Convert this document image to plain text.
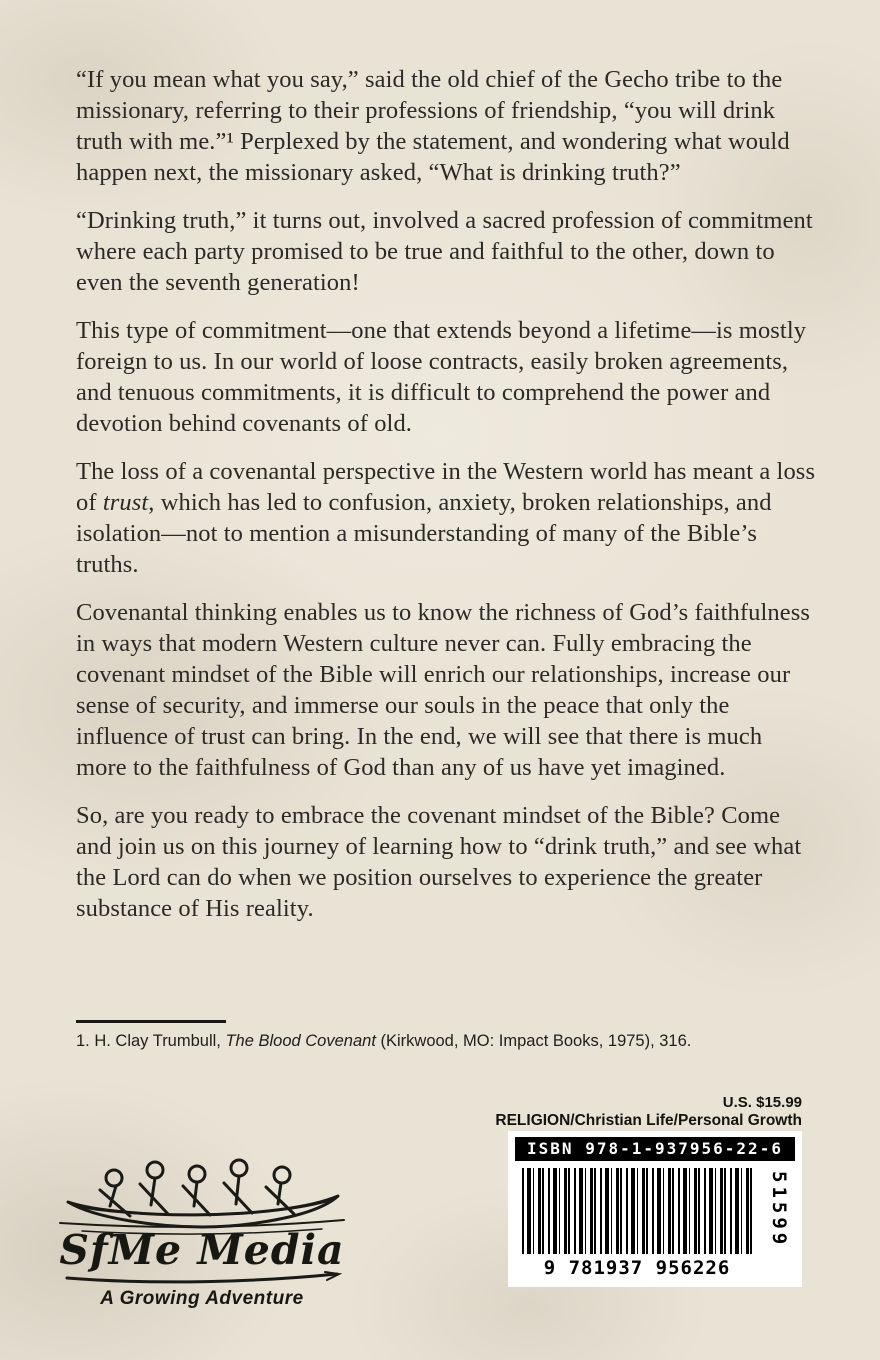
“If you mean what you say,” said the old chief of the Gecho tribe to the missionary, referring to their professions of friendship, “you will drink truth with me.”¹ Perplexed by the statement, and wondering what would happen next, the missionary asked, “What is drinking truth?”

“Drinking truth,” it turns out, involved a sacred profession of commitment where each party promised to be true and faithful to the other, down to even the seventh generation!

This type of commitment—one that extends beyond a lifetime—is mostly foreign to us. In our world of loose contracts, easily broken agreements, and tenuous commitments, it is difficult to comprehend the power and devotion behind covenants of old.

The loss of a covenantal perspective in the Western world has meant a loss of trust, which has led to confusion, anxiety, broken relationships, and isolation—not to mention a misunderstanding of many of the Bible’s truths.

Covenantal thinking enables us to know the richness of God’s faithfulness in ways that modern Western culture never can. Fully embracing the covenant mindset of the Bible will enrich our relationships, increase our sense of security, and immerse our souls in the peace that only the influence of trust can bring. In the end, we will see that there is much more to the faithfulness of God than any of us have yet imagined.

So, are you ready to embrace the covenant mindset of the Bible? Come and join us on this journey of learning how to “drink truth,” and see what the Lord can do when we position ourselves to experience the greater substance of His reality.

1. H. Clay Trumbull, The Blood Covenant (Kirkwood, MO: Impact Books, 1975), 316.
U.S. $15.99
RELIGION/Christian Life/Personal Growth
ISBN 978-1-937956-22-6
51599
9 781937 956226
SfMe Media
A Growing Adventure
